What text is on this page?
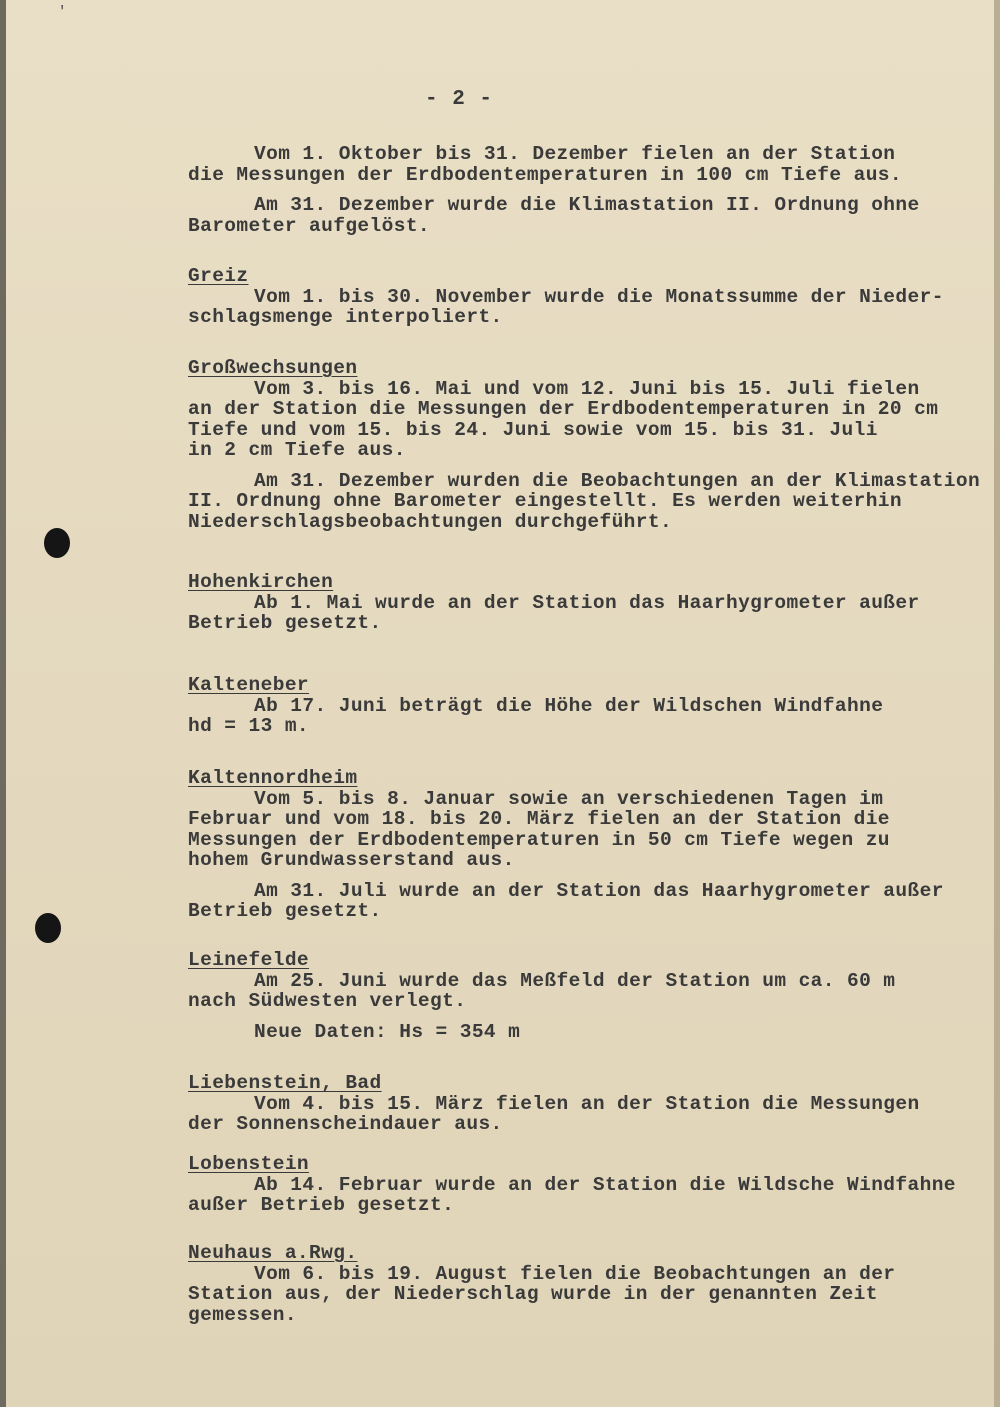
'
- 2 -
Vom 1. Oktober bis 31. Dezember fielen an der Station
die Messungen der Erdbodentemperaturen in 100 cm Tiefe aus.
Am 31. Dezember wurde die Klimastation II. Ordnung ohne
Barometer aufgelöst.
Greiz
Vom 1. bis 30. November wurde die Monatssumme der Nieder-
schlagsmenge interpoliert.
Großwechsungen
Vom 3. bis 16. Mai und vom 12. Juni bis 15. Juli fielen
an der Station die Messungen der Erdbodentemperaturen in 20 cm
Tiefe und vom 15. bis 24. Juni sowie vom 15. bis 31. Juli
in 2 cm Tiefe aus.
Am 31. Dezember wurden die Beobachtungen an der Klimastation
II. Ordnung ohne Barometer eingestellt. Es werden weiterhin
Niederschlagsbeobachtungen durchgeführt.
Hohenkirchen
Ab 1. Mai wurde an der Station das Haarhygrometer außer
Betrieb gesetzt.
Kalteneber
Ab 17. Juni beträgt die Höhe der Wildschen Windfahne
hd = 13 m.
Kaltennordheim
Vom 5. bis 8. Januar sowie an verschiedenen Tagen im
Februar und vom 18. bis 20. März fielen an der Station die
Messungen der Erdbodentemperaturen in 50 cm Tiefe wegen zu
hohem Grundwasserstand aus.
Am 31. Juli wurde an der Station das Haarhygrometer außer
Betrieb gesetzt.
Leinefelde
Am 25. Juni wurde das Meßfeld der Station um ca. 60 m
nach Südwesten verlegt.
Neue Daten: Hs = 354 m
Liebenstein, Bad
Vom 4. bis 15. März fielen an der Station die Messungen
der Sonnenscheindauer aus.
Lobenstein
Ab 14. Februar wurde an der Station die Wildsche Windfahne
außer Betrieb gesetzt.
Neuhaus a.Rwg.
Vom 6. bis 19. August fielen die Beobachtungen an der
Station aus, der Niederschlag wurde in der genannten Zeit
gemessen.
